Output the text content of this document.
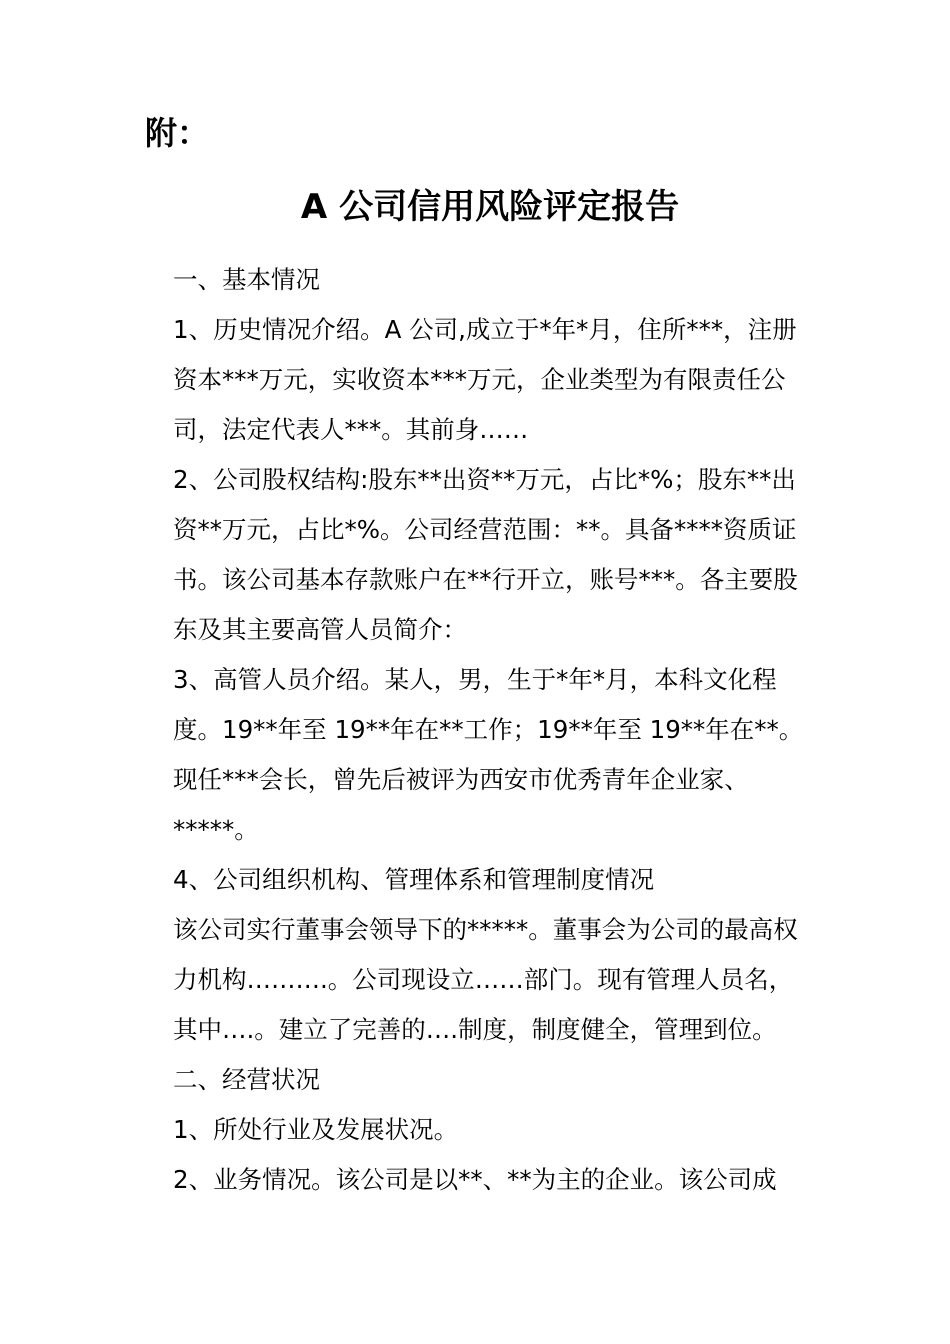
附：
A 公司信用风险评定报告

一、基本情况

1、历史情况介绍。A 公司,成立于*年*月，住所***，注册资本***万元，实收资本***万元，企业类型为有限责任公司，法定代表人***。其前身……

2、公司股权结构:股东**出资**万元，占比*%；股东**出资**万元，占比*%。公司经营范围：**。具备****资质证书。该公司基本存款账户在**行开立，账号***。各主要股东及其主要高管人员简介：

3、高管人员介绍。某人，男，生于*年*月，本科文化程度。19**年至 19**年在**工作；19**年至 19**年在**。现任***会长，曾先后被评为西安市优秀青年企业家、*****。

4、公司组织机构、管理体系和管理制度情况

该公司实行董事会领导下的*****。董事会为公司的最高权力机构……….。公司现设立……部门。现有管理人员名，其中….。建立了完善的….制度，制度健全，管理到位。

二、经营状况

1、所处行业及发展状况。

2、业务情况。该公司是以**、**为主的企业。该公司成
